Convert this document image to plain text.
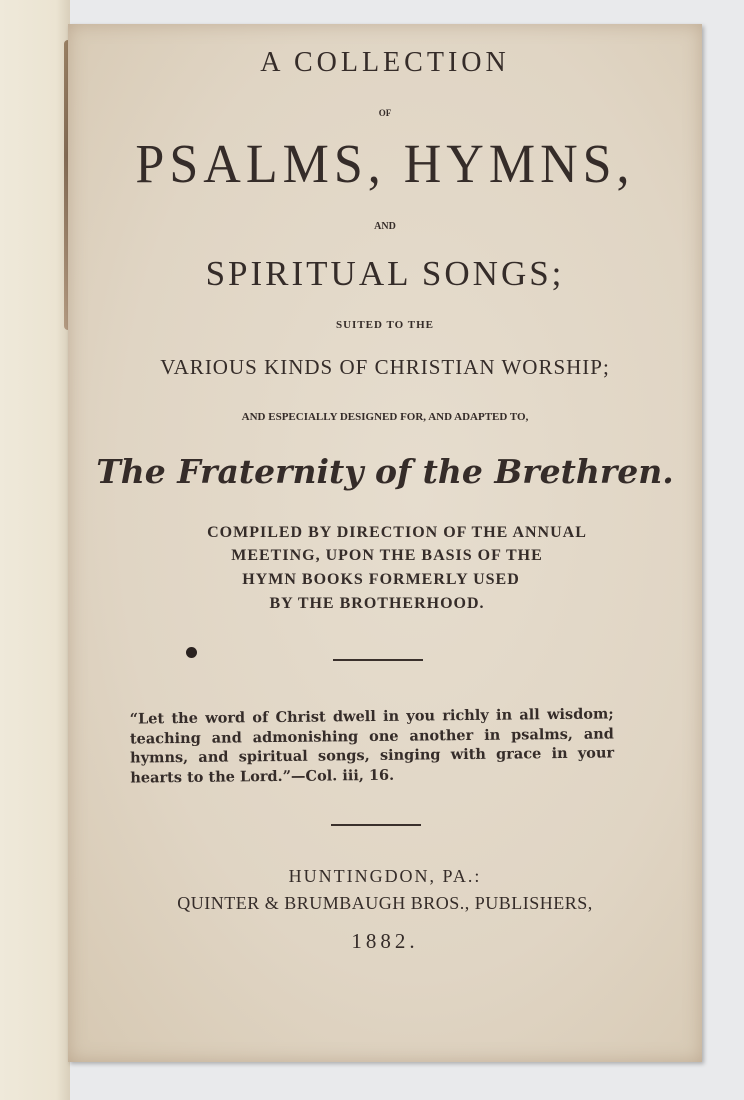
A COLLECTION
OF
PSALMS, HYMNS,
AND
SPIRITUAL SONGS;
SUITED TO THE
VARIOUS KINDS OF CHRISTIAN WORSHIP;
AND ESPECIALLY DESIGNED FOR, AND ADAPTED TO,
The Fraternity of the Brethren.
COMPILED BY DIRECTION OF THE ANNUAL
MEETING, UPON THE BASIS OF THE
HYMN BOOKS FORMERLY USED
BY THE BROTHERHOOD.
“Let the word of Christ dwell in you richly in all wisdom; teaching and admonishing one another in psalms, and hymns, and spiritual songs, singing with grace in your hearts to the Lord.”—Col. iii, 16.
HUNTINGDON, PA.:
QUINTER & BRUMBAUGH BROS., PUBLISHERS,
1882.
